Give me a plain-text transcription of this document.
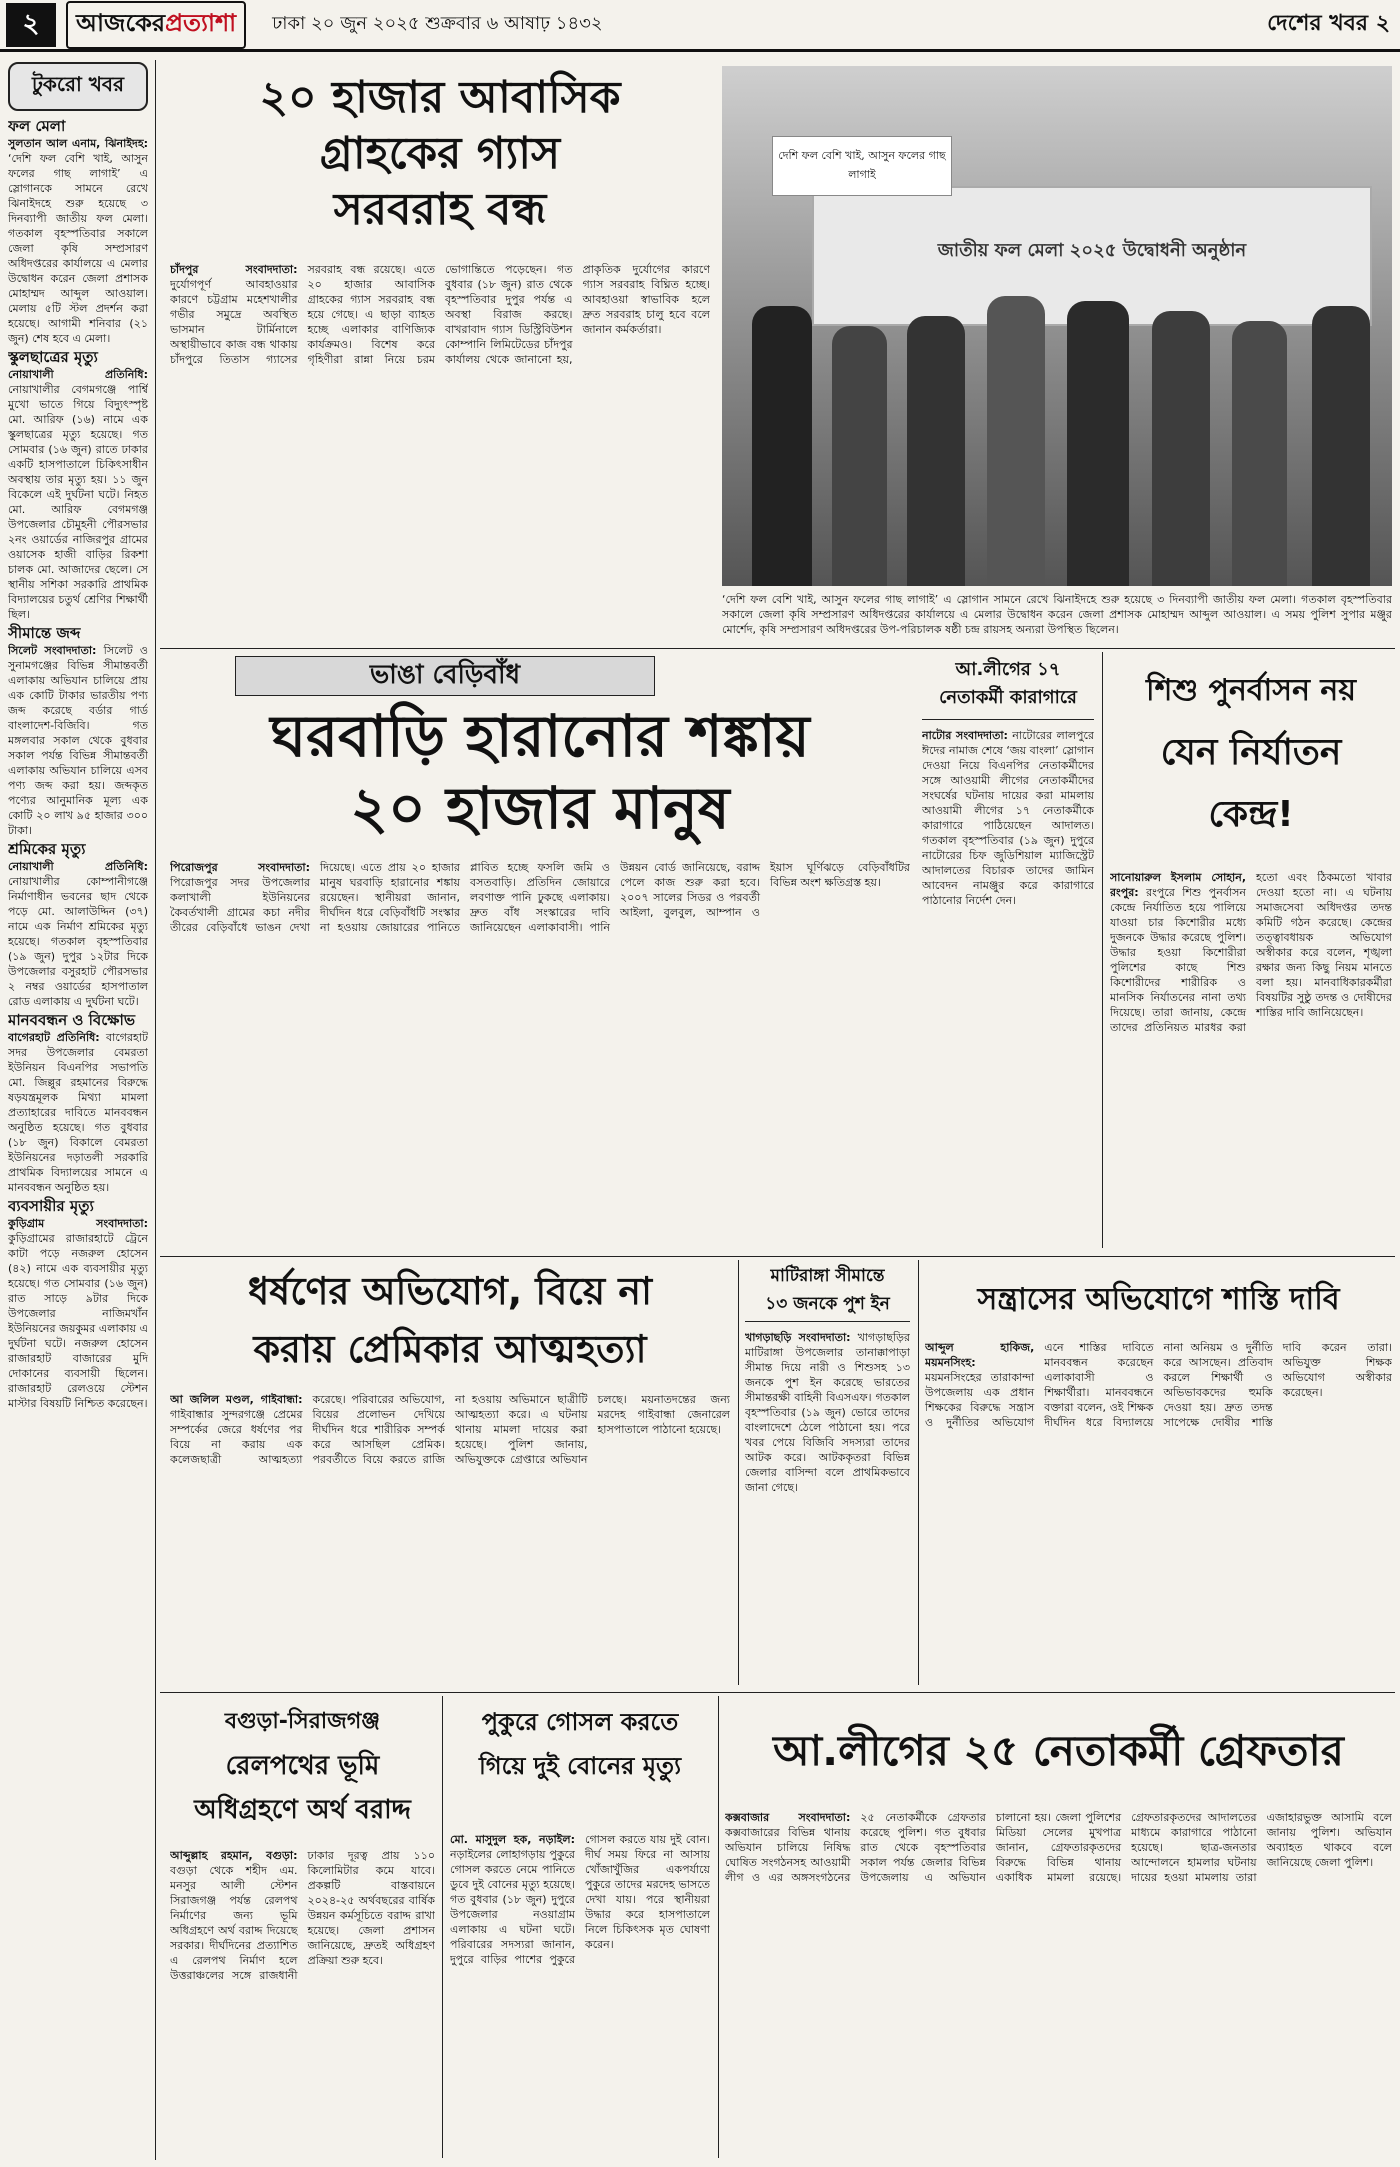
২	আজকেরপ্রত্যাশা	ঢাকা ২০ জুন ২০২৫ শুক্রবার ৬ আষাঢ় ১৪৩২	দেশের খবর ২
টুকরো খবর
ফল মেলা

সুলতান আল এনাম, ঝিনাইদহ: ‘দেশি ফল বেশি খাই, আসুন ফলের গাছ লাগাই’ এ স্লোগানকে সামনে রেখে ঝিনাইদহে শুরু হয়েছে ৩ দিনব্যাপী জাতীয় ফল মেলা। গতকাল বৃহস্পতিবার সকালে জেলা কৃষি সম্প্রসারণ অধিদপ্তরের কার্যালয়ে এ মেলার উদ্বোধন করেন জেলা প্রশাসক মোহাম্মদ আব্দুল আওয়াল। মেলায় ৫টি স্টল প্রদর্শন করা হয়েছে। আগামী শনিবার (২১ জুন) শেষ হবে এ মেলা।

স্কুলছাত্রের মৃত্যু

নোয়াখালী প্রতিনিধি: নোয়াখালীর বেগমগঞ্জে পার্শ্বি মুখো ভাতে গিয়ে বিদ্যুৎস্পৃষ্ট মো. আরিফ (১৬) নামে এক স্কুলছাত্রের মৃত্যু হয়েছে। গত সোমবার (১৬ জুন) রাতে ঢাকার একটি হাসপাতালে চিকিৎসাধীন অবস্থায় তার মৃত্যু হয়। ১১ জুন বিকেলে এই দুর্ঘটনা ঘটে। নিহত মো. আরিফ বেগমগঞ্জ উপজেলার চৌমুহনী পৌরসভার ২নং ওয়ার্ডের নাজিরপুর গ্রামের ওয়াসেক হাজী বাড়ির রিকশা চালক মো. আজাদের ছেলে। সে স্থানীয় সশিকা সরকারি প্রাথমিক বিদ্যালয়ের চতুর্থ শ্রেণির শিক্ষার্থী ছিল।

সীমান্তে জব্দ

সিলেট সংবাদদাতা: সিলেট ও সুনামগঞ্জের বিভিন্ন সীমান্তবর্তী এলাকায় অভিযান চালিয়ে প্রায় এক কোটি টাকার ভারতীয় পণ্য জব্দ করেছে বর্ডার গার্ড বাংলাদেশ-বিজিবি। গত মঙ্গলবার সকাল থেকে বুধবার সকাল পর্যন্ত বিভিন্ন সীমান্তবর্তী এলাকায় অভিযান চালিয়ে এসব পণ্য জব্দ করা হয়। জব্দকৃত পণ্যের আনুমানিক মূল্য এক কোটি ২০ লাখ ৯৫ হাজার ৩০০ টাকা।

শ্রমিকের মৃত্যু

নোয়াখালী প্রতিনিধি: নোয়াখালীর কোম্পানীগঞ্জে নির্মাণাধীন ভবনের ছাদ থেকে পড়ে মো. আলাউদ্দিন (৩৭) নামে এক নির্মাণ শ্রমিকের মৃত্যু হয়েছে। গতকাল বৃহস্পতিবার (১৯ জুন) দুপুর ১২টার দিকে উপজেলার বসুরহাট পৌরসভার ২ নম্বর ওয়ার্ডের হাসপাতাল রোড এলাকায় এ দুর্ঘটনা ঘটে।

মানববন্ধন ও বিক্ষোভ

বাগেরহাট প্রতিনিধি: বাগেরহাট সদর উপজেলার বেমরতা ইউনিয়ন বিএনপির সভাপতি মো. জিল্লুর রহমানের বিরুদ্ধে ষড়যন্ত্রমূলক মিথ্যা মামলা প্রত্যাহারের দাবিতে মানববন্ধন অনুষ্ঠিত হয়েছে। গত বুধবার (১৮ জুন) বিকালে বেমরতা ইউনিয়নের দড়াতলী সরকারি প্রাথমিক বিদ্যালয়ের সামনে এ মানববন্ধন অনুষ্ঠিত হয়।

ব্যবসায়ীর মৃত্যু

কুড়িগ্রাম সংবাদদাতা: কুড়িগ্রামের রাজারহাটে ট্রেনে কাটা পড়ে নজরুল হোসেন (৪২) নামে এক ব্যবসায়ীর মৃত্যু হয়েছে। গত সোমবার (১৬ জুন) রাত সাড়ে ৯টার দিকে উপজেলার নাজিমখাঁন ইউনিয়নের জয়কুমর এলাকায় এ দুর্ঘটনা ঘটে। নজরুল হোসেন রাজারহাট বাজারের মুদি দোকানের ব্যবসায়ী ছিলেন। রাজারহাট রেলওয়ে স্টেশন মাস্টার বিষয়টি নিশ্চিত করেছেন।

২০ হাজার আবাসিক
গ্রাহকের গ্যাস
সরবরাহ বন্ধ

চাঁদপুর সংবাদদাতা: দুর্যোগপূর্ণ আবহাওয়ার কারণে চট্টগ্রাম মহেশখালীর গভীর সমুদ্রে অবস্থিত ভাসমান টার্মিনালে অস্থায়ীভাবে কাজ বন্ধ থাকায় চাঁদপুরে তিতাস গ্যাসের সরবরাহ বন্ধ রয়েছে। এতে ২০ হাজার আবাসিক গ্রাহকের গ্যাস সরবরাহ বন্ধ হয়ে গেছে। এ ছাড়া ব্যাহত হচ্ছে এলাকার বাণিজ্যিক কার্যক্রমও। বিশেষ করে গৃহিণীরা রান্না নিয়ে চরম ভোগান্তিতে পড়েছেন। গত বুধবার (১৮ জুন) রাত থেকে বৃহস্পতিবার দুপুর পর্যন্ত এ অবস্থা বিরাজ করছে। বাখরাবাদ গ্যাস ডিস্ট্রিবিউশন কোম্পানি লিমিটেডের চাঁদপুর কার্যালয় থেকে জানানো হয়, প্রাকৃতিক দুর্যোগের কারণে গ্যাস সরবরাহ বিঘ্নিত হচ্ছে। আবহাওয়া স্বাভাবিক হলে দ্রুত সরবরাহ চালু হবে বলে জানান কর্মকর্তারা।

জাতীয় ফল মেলা ২০২৫ উদ্বোধনী অনুষ্ঠান
দেশি ফল বেশি খাই, আসুন ফলের গাছ লাগাই
‘দেশি ফল বেশি খাই, আসুন ফলের গাছ লাগাই’ এ স্লোগান সামনে রেখে ঝিনাইদহে শুরু হয়েছে ৩ দিনব্যাপী জাতীয় ফল মেলা। গতকাল বৃহস্পতিবার সকালে জেলা কৃষি সম্প্রসারণ অধিদপ্তরের কার্যালয়ে এ মেলার উদ্বোধন করেন জেলা প্রশাসক মোহাম্মদ আব্দুল আওয়াল। এ সময় পুলিশ সুপার মঞ্জুর মোর্শেদ, কৃষি সম্প্রসারণ অধিদপ্তরের উপ-পরিচালক ষষ্ঠী চন্দ্র রায়সহ অন্যরা উপস্থিত ছিলেন।
ভাঙা বেড়িবাঁধ
ঘরবাড়ি হারানোর শঙ্কায়
২০ হাজার মানুষ

পিরোজপুর সংবাদদাতা: পিরোজপুর সদর উপজেলার কলাখালী ইউনিয়নের কৈবর্তখালী গ্রামের কচা নদীর তীরের বেড়িবাঁধে ভাঙন দেখা দিয়েছে। এতে প্রায় ২০ হাজার মানুষ ঘরবাড়ি হারানোর শঙ্কায় রয়েছেন। স্থানীয়রা জানান, দীর্ঘদিন ধরে বেড়িবাঁধটি সংস্কার না হওয়ায় জোয়ারের পানিতে প্লাবিত হচ্ছে ফসলি জমি ও বসতবাড়ি। প্রতিদিন জোয়ারে লবণাক্ত পানি ঢুকছে এলাকায়। দ্রুত বাঁধ সংস্কারের দাবি জানিয়েছেন এলাকাবাসী। পানি উন্নয়ন বোর্ড জানিয়েছে, বরাদ্দ পেলে কাজ শুরু করা হবে। ২০০৭ সালের সিডর ও পরবর্তী আইলা, বুলবুল, আম্পান ও ইয়াস ঘূর্ণিঝড়ে বেড়িবাঁধটির বিভিন্ন অংশ ক্ষতিগ্রস্ত হয়।

আ.লীগের ১৭
নেতাকর্মী কারাগারে

নাটোর সংবাদদাতা: নাটোরের লালপুরে ঈদের নামাজ শেষে ‘জয় বাংলা’ স্লোগান দেওয়া নিয়ে বিএনপির নেতাকর্মীদের সঙ্গে আওয়ামী লীগের নেতাকর্মীদের সংঘর্ষের ঘটনায় দায়ের করা মামলায় আওয়ামী লীগের ১৭ নেতাকর্মীকে কারাগারে পাঠিয়েছেন আদালত। গতকাল বৃহস্পতিবার (১৯ জুন) দুপুরে নাটোরের চিফ জুডিশিয়াল ম্যাজিস্ট্রেট আদালতের বিচারক তাদের জামিন আবেদন নামঞ্জুর করে কারাগারে পাঠানোর নির্দেশ দেন।

শিশু পুনর্বাসন নয়
যেন নির্যাতন
কেন্দ্র!

সানোয়ারুল ইসলাম সোহান, রংপুর: রংপুরে শিশু পুনর্বাসন কেন্দ্রে নির্যাতিত হয়ে পালিয়ে যাওয়া চার কিশোরীর মধ্যে দুজনকে উদ্ধার করেছে পুলিশ। উদ্ধার হওয়া কিশোরীরা পুলিশের কাছে শিশু কিশোরীদের শারীরিক ও মানসিক নির্যাতনের নানা তথ্য দিয়েছে। তারা জানায়, কেন্দ্রে তাদের প্রতিনিয়ত মারধর করা হতো এবং ঠিকমতো খাবার দেওয়া হতো না। এ ঘটনায় সমাজসেবা অধিদপ্তর তদন্ত কমিটি গঠন করেছে। কেন্দ্রের তত্ত্বাবধায়ক অভিযোগ অস্বীকার করে বলেন, শৃঙ্খলা রক্ষার জন্য কিছু নিয়ম মানতে বলা হয়। মানবাধিকারকর্মীরা বিষয়টির সুষ্ঠু তদন্ত ও দোষীদের শাস্তির দাবি জানিয়েছেন।

ধর্ষণের অভিযোগ, বিয়ে না
করায় প্রেমিকার আত্মহত্যা

আ জলিল মণ্ডল, গাইবান্ধা: গাইবান্ধার সুন্দরগঞ্জে প্রেমের সম্পর্কের জেরে ধর্ষণের পর বিয়ে না করায় এক কলেজছাত্রী আত্মহত্যা করেছে। পরিবারের অভিযোগ, বিয়ের প্রলোভন দেখিয়ে দীর্ঘদিন ধরে শারীরিক সম্পর্ক করে আসছিল প্রেমিক। পরবর্তীতে বিয়ে করতে রাজি না হওয়ায় অভিমানে ছাত্রীটি আত্মহত্যা করে। এ ঘটনায় থানায় মামলা দায়ের করা হয়েছে। পুলিশ জানায়, অভিযুক্তকে গ্রেপ্তারে অভিযান চলছে। ময়নাতদন্তের জন্য মরদেহ গাইবান্ধা জেনারেল হাসপাতালে পাঠানো হয়েছে।

মাটিরাঙ্গা সীমান্তে
১৩ জনকে পুশ ইন

খাগড়াছড়ি সংবাদদাতা: খাগড়াছড়ির মাটিরাঙ্গা উপজেলার তানাক্কাপাড়া সীমান্ত দিয়ে নারী ও শিশুসহ ১৩ জনকে পুশ ইন করেছে ভারতের সীমান্তরক্ষী বাহিনী বিএসএফ। গতকাল বৃহস্পতিবার (১৯ জুন) ভোরে তাদের বাংলাদেশে ঠেলে পাঠানো হয়। পরে খবর পেয়ে বিজিবি সদস্যরা তাদের আটক করে। আটককৃতরা বিভিন্ন জেলার বাসিন্দা বলে প্রাথমিকভাবে জানা গেছে।

সন্ত্রাসের অভিযোগে শাস্তি দাবি

আব্দুল হাকিজ, ময়মনসিংহ: ময়মনসিংহের তারাকান্দা উপজেলায় এক প্রধান শিক্ষকের বিরুদ্ধে সন্ত্রাস ও দুর্নীতির অভিযোগ এনে শাস্তির দাবিতে মানববন্ধন করেছেন এলাকাবাসী ও শিক্ষার্থীরা। মানববন্ধনে বক্তারা বলেন, ওই শিক্ষক দীর্ঘদিন ধরে বিদ্যালয়ে নানা অনিয়ম ও দুর্নীতি করে আসছেন। প্রতিবাদ করলে শিক্ষার্থী ও অভিভাবকদের হুমকি দেওয়া হয়। দ্রুত তদন্ত সাপেক্ষে দোষীর শাস্তি দাবি করেন তারা। অভিযুক্ত শিক্ষক অভিযোগ অস্বীকার করেছেন।

বগুড়া-সিরাজগঞ্জ
রেলপথের ভূমি
অধিগ্রহণে অর্থ বরাদ্দ

আব্দুল্লাহ রহমান, বগুড়া: বগুড়া থেকে শহীদ এম. মনসুর আলী স্টেশন সিরাজগঞ্জ পর্যন্ত রেলপথ নির্মাণের জন্য ভূমি অধিগ্রহণে অর্থ বরাদ্দ দিয়েছে সরকার। দীর্ঘদিনের প্রত্যাশিত এ রেলপথ নির্মাণ হলে উত্তরাঞ্চলের সঙ্গে রাজধানী ঢাকার দূরত্ব প্রায় ১১০ কিলোমিটার কমে যাবে। প্রকল্পটি বাস্তবায়নে ২০২৪-২৫ অর্থবছরের বার্ষিক উন্নয়ন কর্মসূচিতে বরাদ্দ রাখা হয়েছে। জেলা প্রশাসন জানিয়েছে, দ্রুতই অধিগ্রহণ প্রক্রিয়া শুরু হবে।

পুকুরে গোসল করতে
গিয়ে দুই বোনের মৃত্যু

মো. মাসুদুল হক, নড়াইল: নড়াইলের লোহাগড়ায় পুকুরে গোসল করতে নেমে পানিতে ডুবে দুই বোনের মৃত্যু হয়েছে। গত বুধবার (১৮ জুন) দুপুরে উপজেলার নওয়াগ্রাম এলাকায় এ ঘটনা ঘটে। পরিবারের সদস্যরা জানান, দুপুরে বাড়ির পাশের পুকুরে গোসল করতে যায় দুই বোন। দীর্ঘ সময় ফিরে না আসায় খোঁজাখুঁজির একপর্যায়ে পুকুরে তাদের মরদেহ ভাসতে দেখা যায়। পরে স্থানীয়রা উদ্ধার করে হাসপাতালে নিলে চিকিৎসক মৃত ঘোষণা করেন।

আ.লীগের ২৫ নেতাকর্মী গ্রেফতার

কক্সবাজার সংবাদদাতা: কক্সবাজারের বিভিন্ন থানায় অভিযান চালিয়ে নিষিদ্ধ ঘোষিত সংগঠনসহ আওয়ামী লীগ ও এর অঙ্গসংগঠনের ২৫ নেতাকর্মীকে গ্রেফতার করেছে পুলিশ। গত বুধবার রাত থেকে বৃহস্পতিবার সকাল পর্যন্ত জেলার বিভিন্ন উপজেলায় এ অভিযান চালানো হয়। জেলা পুলিশের মিডিয়া সেলের মুখপাত্র জানান, গ্রেফতারকৃতদের বিরুদ্ধে বিভিন্ন থানায় একাধিক মামলা রয়েছে। গ্রেফতারকৃতদের আদালতের মাধ্যমে কারাগারে পাঠানো হয়েছে। ছাত্র-জনতার আন্দোলনে হামলার ঘটনায় দায়ের হওয়া মামলায় তারা এজাহারভুক্ত আসামি বলে জানায় পুলিশ। অভিযান অব্যাহত থাকবে বলে জানিয়েছে জেলা পুলিশ।
